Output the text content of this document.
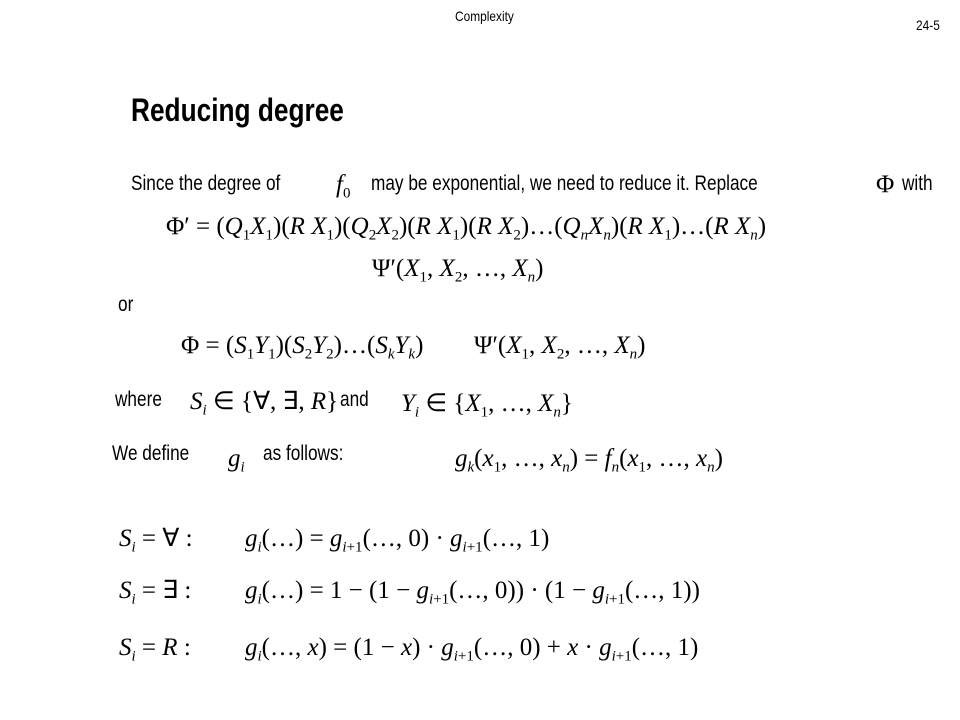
Complexity
24-5
Reducing degree
Since the degree of $f_0$ may be exponential, we need to reduce it. Replace	Φ with
$\Phi' = (Q_1X_1)(R$ $X_1)(Q_2X_2)(R$ $X_1)(R$ $X_2)\dots(Q_nX_n)(R$ $X_1)\dots(R$ $X_n$)
$\Psi'(X_1$, $X_2$, …, $X_n$)
or
$\Phi = (S_1Y_1)(S_2Y_2)\dots(S_kY_k)$ $\Psi'(X_1$, $X_2$, …, $X_n$)
where $S_i$ ∈ {∀, ∃, R} and $Y_i$ ∈ {$X_1$, …, $X_n$}
We define $g_i$
as follows:	$g_k(x_1$, …, $x_n) = f_n(x_1$, …, $x_n$)
$S_i$ = ∀ : $g_i(\dots)$ = $g_{i+1}(\dots$, $0) \cdot g_{i+1}(\dots$, 1)
$S_i$ = ∃ : $g_i(\dots) = 1 - (1$ − $g_{i+1}(\dots$, $0)) \cdot (1 - g_{i+1}(\dots$, 1))
$S_i = R$ : $g_i(\dots$, $x) = (1 - x) \cdot g_{i+1}(\dots$, $0) + x \cdot g_{i+1}(\dots$, 1)
